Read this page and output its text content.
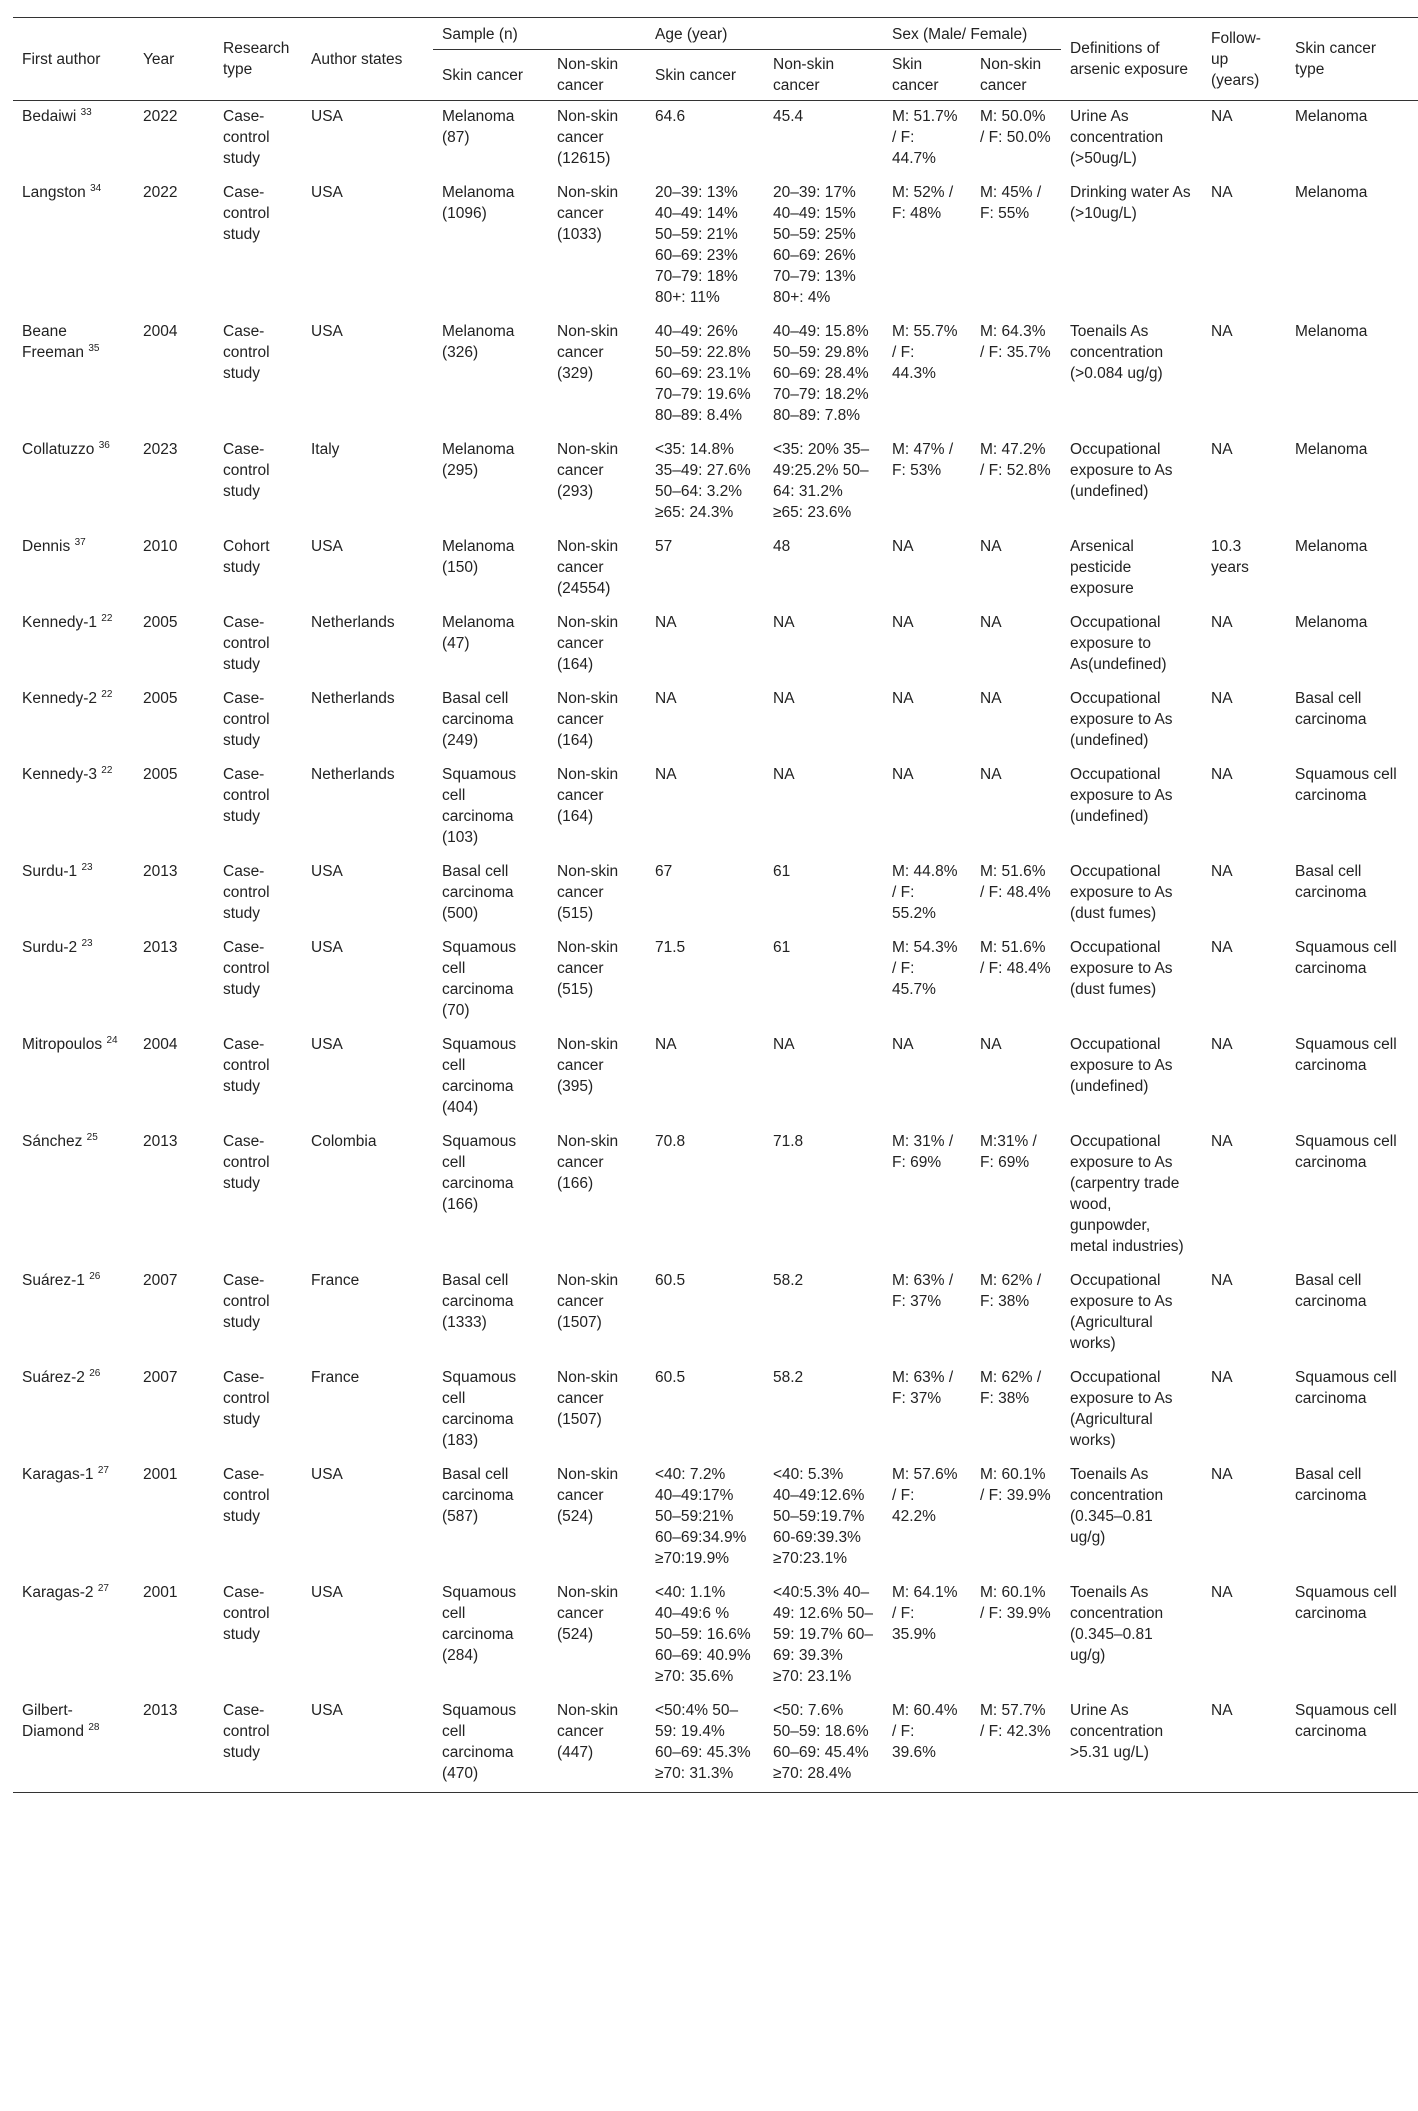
First author	Year	Research type	Author states	Sample (n)		Age (year)		Sex (Male/ Female)		Definitions of arsenic exposure	Follow-up (years)	Skin cancer type
				Skin cancer	Non-skin cancer	Skin cancer	Non-skin cancer	Skin cancer	Non-skin cancer			
Bedaiwi $^{33}$	2022	Case-control study	USA	Melanoma (87)	Non-skin cancer (12615)	64.6	45.4	M: 51.7% / F: 44.7%	M: 50.0% / F: 50.0%	Urine As concentration (>50ug/L)	NA	Melanoma
Langston $^{34}$	2022	Case-control study	USA	Melanoma (1096)	Non-skin cancer (1033)	20–39: 13% 40–49: 14% 50–59: 21% 60–69: 23% 70–79: 18% 80+: 11%	20–39: 17% 40–49: 15% 50–59: 25% 60–69: 26% 70–79: 13% 80+: 4%	M: 52% / F: 48%	M: 45% / F: 55%	Drinking water As (>10ug/L)	NA	Melanoma
Beane Freeman $^{35}$	2004	Case-control study	USA	Melanoma (326)	Non-skin cancer (329)	40–49: 26% 50–59: 22.8% 60–69: 23.1% 70–79: 19.6% 80–89: 8.4%	40–49: 15.8% 50–59: 29.8% 60–69: 28.4% 70–79: 18.2% 80–89: 7.8%	M: 55.7% / F: 44.3%	M: 64.3% / F: 35.7%	Toenails As concentration (>0.084 ug/g)	NA	Melanoma
Collatuzzo $^{36}$	2023	Case-control study	Italy	Melanoma (295)	Non-skin cancer (293)	<35: 14.8% 35–49: 27.6% 50–64: 3.2% ≥65: 24.3%	<35: 20% 35–49:25.2% 50–64: 31.2% ≥65: 23.6%	M: 47% / F: 53%	M: 47.2% / F: 52.8%	Occupational exposure to As (undefined)	NA	Melanoma
Dennis $^{37}$	2010	Cohort study	USA	Melanoma (150)	Non-skin cancer (24554)	57	48	NA	NA	Arsenical pesticide exposure	10.3 years	Melanoma
Kennedy-1 $^{22}$	2005	Case-control study	Netherlands	Melanoma (47)	Non-skin cancer (164)	NA	NA	NA	NA	Occupational exposure to As(undefined)	NA	Melanoma
Kennedy-2 $^{22}$	2005	Case-control study	Netherlands	Basal cell carcinoma (249)	Non-skin cancer (164)	NA	NA	NA	NA	Occupational exposure to As (undefined)	NA	Basal cell carcinoma
Kennedy-3 $^{22}$	2005	Case-control study	Netherlands	Squamous cell carcinoma (103)	Non-skin cancer (164)	NA	NA	NA	NA	Occupational exposure to As (undefined)	NA	Squamous cell carcinoma
Surdu-1 $^{23}$	2013	Case-control study	USA	Basal cell carcinoma (500)	Non-skin cancer (515)	67	61	M: 44.8% / F: 55.2%	M: 51.6% / F: 48.4%	Occupational exposure to As (dust fumes)	NA	Basal cell carcinoma
Surdu-2 $^{23}$	2013	Case-control study	USA	Squamous cell carcinoma (70)	Non-skin cancer (515)	71.5	61	M: 54.3% / F: 45.7%	M: 51.6% / F: 48.4%	Occupational exposure to As (dust fumes)	NA	Squamous cell carcinoma
Mitropoulos $^{24}$	2004	Case-control study	USA	Squamous cell carcinoma (404)	Non-skin cancer (395)	NA	NA	NA	NA	Occupational exposure to As (undefined)	NA	Squamous cell carcinoma
Sánchez $^{25}$	2013	Case-control study	Colombia	Squamous cell carcinoma (166)	Non-skin cancer (166)	70.8	71.8	M: 31% / F: 69%	M:31% / F: 69%	Occupational exposure to As (carpentry trade wood, gunpowder, metal industries)	NA	Squamous cell carcinoma
Suárez-1 $^{26}$	2007	Case-control study	France	Basal cell carcinoma (1333)	Non-skin cancer (1507)	60.5	58.2	M: 63% / F: 37%	M: 62% / F: 38%	Occupational exposure to As (Agricultural works)	NA	Basal cell carcinoma
Suárez-2 $^{26}$	2007	Case-control study	France	Squamous cell carcinoma (183)	Non-skin cancer (1507)	60.5	58.2	M: 63% / F: 37%	M: 62% / F: 38%	Occupational exposure to As (Agricultural works)	NA	Squamous cell carcinoma
Karagas-1 $^{27}$	2001	Case-control study	USA	Basal cell carcinoma (587)	Non-skin cancer (524)	<40: 7.2% 40–49:17% 50–59:21% 60–69:34.9% ≥70:19.9%	<40: 5.3% 40–49:12.6% 50–59:19.7% 60-69:39.3% ≥70:23.1%	M: 57.6% / F: 42.2%	M: 60.1% / F: 39.9%	Toenails As concentration (0.345–0.81 ug/g)	NA	Basal cell carcinoma
Karagas-2 $^{27}$	2001	Case-control study	USA	Squamous cell carcinoma (284)	Non-skin cancer (524)	<40: 1.1% 40–49:6 % 50–59: 16.6% 60–69: 40.9% ≥70: 35.6%	<40:5.3% 40–49: 12.6% 50–59: 19.7% 60–69: 39.3% ≥70: 23.1%	M: 64.1% / F: 35.9%	M: 60.1% / F: 39.9%	Toenails As concentration (0.345–0.81 ug/g)	NA	Squamous cell carcinoma
Gilbert-Diamond $^{28}$	2013	Case-control study	USA	Squamous cell carcinoma (470)	Non-skin cancer (447)	<50:4% 50–59: 19.4% 60–69: 45.3% ≥70: 31.3%	<50: 7.6% 50–59: 18.6% 60–69: 45.4% ≥70: 28.4%	M: 60.4% / F: 39.6%	M: 57.7% / F: 42.3%	Urine As concentration >5.31 ug/L)	NA	Squamous cell carcinoma
